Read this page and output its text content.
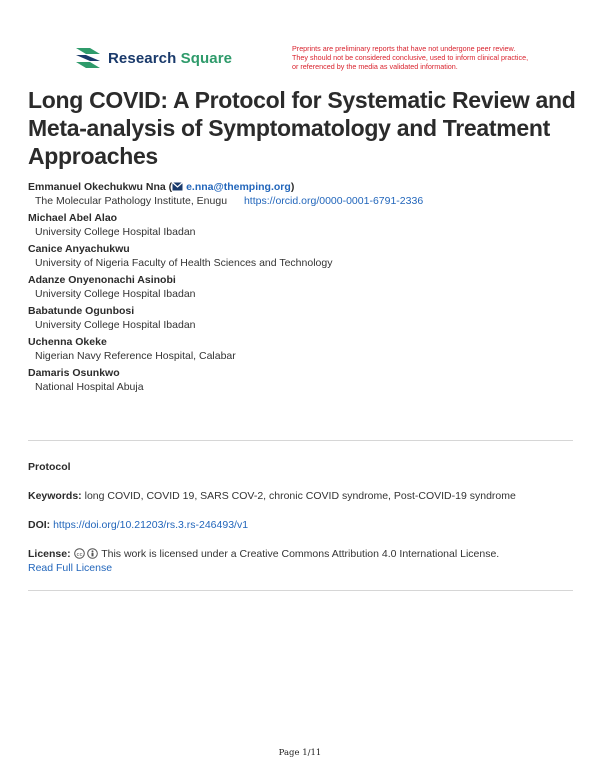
Research Square
Preprints are preliminary reports that have not undergone peer review.
They should not be considered conclusive, used to inform clinical practice,
or referenced by the media as validated information.
Long COVID: A Protocol for Systematic Review and Meta-analysis of Symptomatology and Treatment Approaches
Emmanuel Okechukwu Nna ( e.nna@themping.org)
The Molecular Pathology Institute, Enugu https://orcid.org/0000-0001-6791-2336
Michael Abel Alao
University College Hospital Ibadan
Canice Anyachukwu
University of Nigeria Faculty of Health Sciences and Technology
Adanze Onyenonachi Asinobi
University College Hospital Ibadan
Babatunde Ogunbosi
University College Hospital Ibadan
Uchenna Okeke
Nigerian Navy Reference Hospital, Calabar
Damaris Osunkwo
National Hospital Abuja
Protocol
Keywords: long COVID, COVID 19, SARS COV-2, chronic COVID syndrome, Post-COVID-19 syndrome
DOI: https://doi.org/10.21203/rs.3.rs-246493/v1
License: cc This work is licensed under a Creative Commons Attribution 4.0 International License.
Read Full License
Page 1/11
